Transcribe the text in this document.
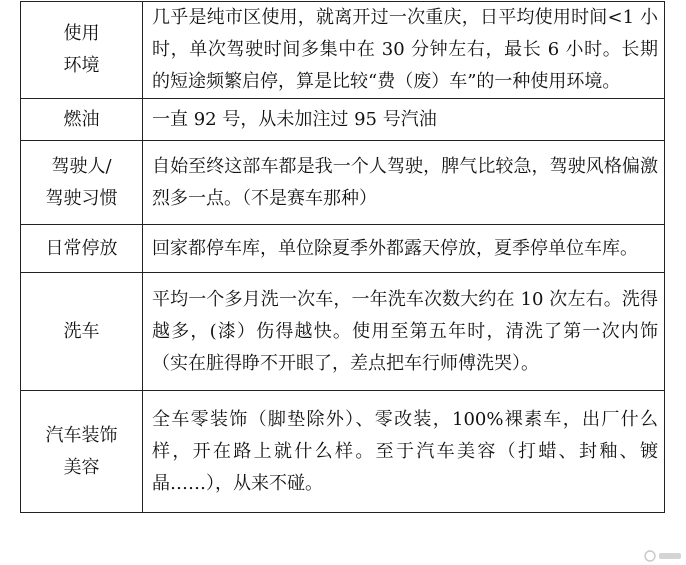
使用
环境	几乎是纯市区使用，就离开过一次重庆，日平均使用时间<1 小时，单次驾驶时间多集中在 30 分钟左右，最长 6 小时。长期的短途频繁启停，算是比较“费（废）车”的一种使用环境。

燃油	一直 92 号，从未加注过 95 号汽油

驾驶人/
驾驶习惯	自始至终这部车都是我一个人驾驶，脾气比较急，驾驶风格偏激烈多一点。（不是赛车那种）

日常停放	回家都停车库，单位除夏季外都露天停放，夏季停单位车库。

洗车	平均一个多月洗一次车，一年洗车次数大约在 10 次左右。洗得越多，(漆）伤得越快。使用至第五年时，清洗了第一次内饰（实在脏得睁不开眼了，差点把车行师傅洗哭）。

汽车装饰
美容	全车零装饰（脚垫除外）、零改装，100%裸素车，出厂什么样，开在路上就什么样。至于汽车美容（打蜡、封釉、镀晶……），从来不碰。
